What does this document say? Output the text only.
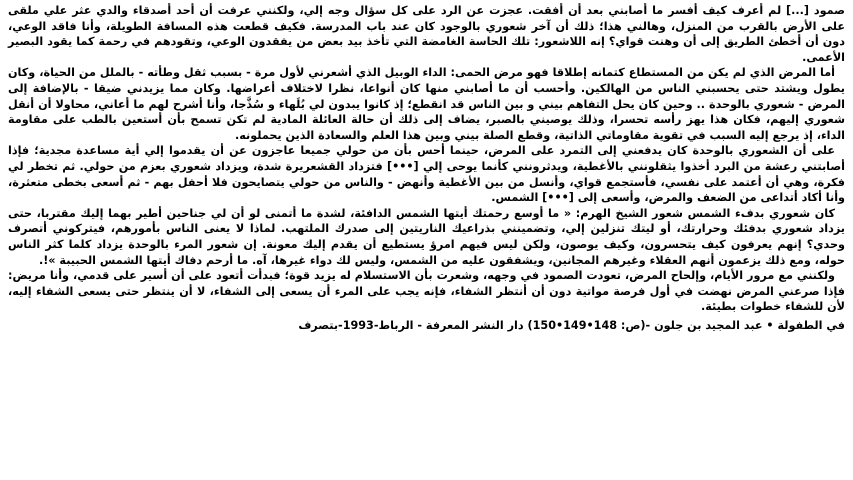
صمود [...] لم أعرف كيف أفسر ما أصابني بعد أن أفقت. عجزت عن الرد على كل سؤال وجه إلي، ولكنني عرفت أن أحد أصدقاء والدي عثر علي ملقى على الأرض بالقرب من المنزل، وهالني هذا؛ ذلك أن آخر شعوري بالوجود كان عند باب المدرسة. فكيف قطعت هذه المسافة الطويلة، وأنا فاقد الوعي، دون أن أخطئ الطريق إلى أن وهنت قواي؟ إنه اللاشعور: تلك الحاسة الغامضة التي تأخذ بيد بعض من يفقدون الوعي، وتقودهم في رحمة كما يقود البصير الأعمى.

أما المرض الذي لم يكن من المستطاع كتمانه إطلاقا فهو مرض الحمى: الداء الوبيل الذي أشعرني لأول مرة - بسبب ثقل وطأته - بالملل من الحياة، وكان يطول ويشتد حتى يحسبني الناس من الهالكين. وأحسب أن ما أصابني منها كان أنواعا، نظرا لاختلاف أعراضها. وكان مما يزيدني ضيقا - بالإضافة إلى المرض - شعوري بالوحدة .. وحين كان يحل التفاهم بيني و بين الناس قد انقطع؛ إذ كانوا يبدون لي بُلَهاء و سُذَّجا، وأنا أشرح لهم ما أعاني، محاولا أن أنقل شعوري إليهم، فكان هذا يهز رأسه تحسرا، وذلك يوصيني بالصبر، يضاف إلى ذلك أن حالة العائلة المادية لم تكن تسمح بأن أستعين بالطب على مقاومة الداء، إذ يرجع إليه السبب في تقوية مقاوماتي الذاتية، وقطع الصلة بيني وبين هذا العلم والسعادة الذين يحملونه.

على أن الشعوري بالوحدة كان يدفعني إلى التمرد على المرض، حينما أحس بأن من حولي جميعا عاجزون عن أن يقدموا إلي أية مساعدة مجدية؛ فإذا أصابتني رعشة من البرد أخذوا يثقلونني بالأغطية، ويدثرونني كأنما يوحى إلي [•••] فتزداد القشعريرة شدة، ويزداد شعوري بعزم من حولي. ثم تخطر لي فكرة، وهي أن أعتمد على نفسي، فأستجمع قواي، وأنسل من بين الأغطية وأنهض - والناس من حولي يتصايحون فلا أحفل بهم - ثم أسعى بخطى متعثرة، وأنا أكاد أتداعى من الضعف والمرض، وأسعى إلى [•••] الشمس.

كان شعوري بدفء الشمس شعور الشيخ الهرم: « ما أوسع رحمتك أيتها الشمس الدافئة، لشدة ما أتمنى لو أن لي جناحين أطير بهما إليك مقتربا، حتى يزداد شعوري بدفئك وحرارتك، أو ليتك تنزلين إلي، وتضمينني بذراعيك الناريتين إلى صدرك الملتهب. لماذا لا يعنى الناس بأمورهم، فيتركوني أتصرف وحدي؟ إنهم يعرفون كيف يتحسرون، وكيف يوصون، ولكن ليس فيهم امرؤ يستطيع أن يقدم إليك معونة. إن شعور المرء بالوحدة يزداد كلما كثر الناس حوله، ومع ذلك يزعمون أنهم العقلاء وغيرهم المجانين، ويشفقون عليه من الشمس، وليس لك دواء غيرها، آه. ما أرحم دفاك أيتها الشمس الحبيبة »!.

ولكنني مع مرور الأيام، وإلحاح المرض، تعودت الصمود في وجهه، وشعرت بأن الاستسلام له يزيد قوة؛ فبدأت أتعود على أن أسير على قدمي، وأنا مريض: فإذا صرعني المرض نهضت في أول فرصة مواتية دون أن أنتظر الشفاء، فإنه يجب على المرء أن يسعى إلى الشفاء، لا أن ينتظر حتى يسعى الشفاء إليه، لأن للشفاء خطوات بطيئة.

في الطفولة • عبد المجيد بن جلون -(ص: 148•149•150) دار النشر المعرفة - الرباط-1993-بتصرف
